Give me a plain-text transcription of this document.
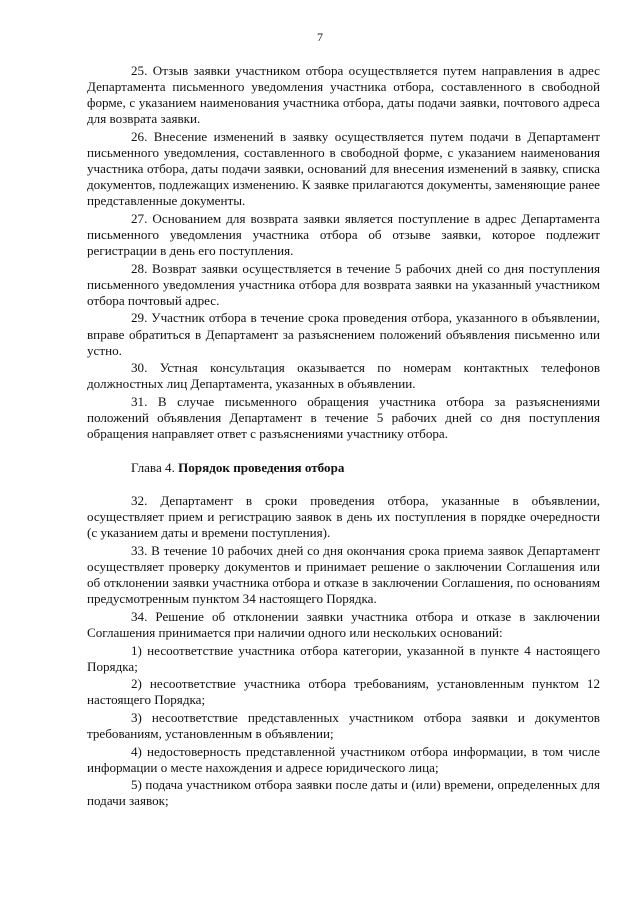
7

25. Отзыв заявки участником отбора осуществляется путем направления в адрес Департамента письменного уведомления участника отбора, составленного в свободной форме, с указанием наименования участника отбора, даты подачи заявки, почтового адреса для возврата заявки.

26. Внесение изменений в заявку осуществляется путем подачи в Департамент письменного уведомления, составленного в свободной форме, с указанием наименования участника отбора, даты подачи заявки, оснований для внесения изменений в заявку, списка документов, подлежащих изменению. К заявке прилагаются документы, заменяющие ранее представленные документы.

27. Основанием для возврата заявки является поступление в адрес Департамента письменного уведомления участника отбора об отзыве заявки, которое подлежит регистрации в день его поступления.

28. Возврат заявки осуществляется в течение 5 рабочих дней со дня поступления письменного уведомления участника отбора для возврата заявки на указанный участником отбора почтовый адрес.

29. Участник отбора в течение срока проведения отбора, указанного в объявлении, вправе обратиться в Департамент за разъяснением положений объявления письменно или устно.

30. Устная консультация оказывается по номерам контактных телефонов должностных лиц Департамента, указанных в объявлении.

31. В случае письменного обращения участника отбора за разъяснениями положений объявления Департамент в течение 5 рабочих дней со дня поступления обращения направляет ответ с разъяснениями участнику отбора.

Глава 4. Порядок проведения отбора

32. Департамент в сроки проведения отбора, указанные в объявлении, осуществляет прием и регистрацию заявок в день их поступления в порядке очередности (с указанием даты и времени поступления).

33. В течение 10 рабочих дней со дня окончания срока приема заявок Департамент осуществляет проверку документов и принимает решение о заключении Соглашения или об отклонении заявки участника отбора и отказе в заключении Соглашения, по основаниям предусмотренным пунктом 34 настоящего Порядка.

34. Решение об отклонении заявки участника отбора и отказе в заключении Соглашения принимается при наличии одного или нескольких оснований:

1) несоответствие участника отбора категории, указанной в пункте 4 настоящего Порядка;

2) несоответствие участника отбора требованиям, установленным пунктом 12 настоящего Порядка;

3) несоответствие представленных участником отбора заявки и документов требованиям, установленным в объявлении;

4) недостоверность представленной участником отбора информации, в том числе информации о месте нахождения и адресе юридического лица;

5) подача участником отбора заявки после даты и (или) времени, определенных для подачи заявок;
